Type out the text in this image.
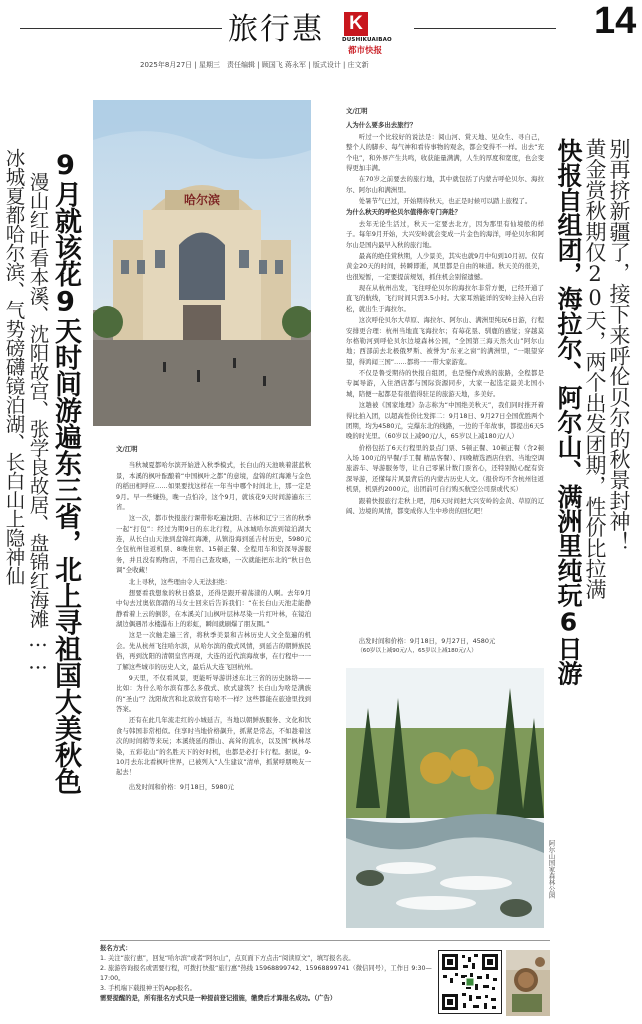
旅行惠 K
DUSHIKUAIBAO
都市快报
14
2025年8月27日 | 星期三　责任编辑 | 顾国飞 蒋永军 | 版式设计 | 庄文新
9月就该花9天时间游遍东三省，北上寻祖国大美秋色
漫山红叶看本溪、沈阳故宫、张学良故居、盘锦红海滩……
冰城夏都哈尔滨、气势磅礴镜泊湖、长白山上隐神仙	哈尔滨

文/江明

当秋城夏都哈尔滨开始进入秋季模式，长白山的天池映着湛蓝秋景，本溪的枫叶酝酿着“中国枫叶之都”的意境，盘锦的红海滩与金色的稻田相呼应……如果要找这样在一年当中哪个时间北上，那一定是9月。早一些嫌热，晚一点怕冷，这个9月，就该花9天时间游遍东三省。

这一次，都市快报旅行课带你吃遍沈阳、吉林和辽宁三省的秋季一起“打包”：经过为期9日的东北行程，从冰城哈尔滨到镜泊湖大连，从长白山天池到盘锦红海滩，从镇沿海到延吉村历史，5980元全包杭州往返机票、8晚住宿、15顿正餐、全程用车和资深导游服务，并且没有购物店，不用自己查攻略，一次就能把东北的“秋日色调”全收藏！

北上寻秋，这些理由令人无法拒绝：

想要看我想象的秋日盛景，还得是跟开着荡漾的人啊。去年9月中旬去过奥依郎踏的马女士回来后告诉我们：“在长白山天池走能静静看着上云的倒影，在本溪关门山枫叶层林尽染一片红叶林，在镜泊湖边偶遇吊水楼瀑布上的彩虹，瞬间就刷爆了朋友圈。”

这是一次触走遍三省，将秋季美景和吉林历史人文全览遍的机会。先从杭州飞往哈尔滨，从哈尔滨的俄式风情，到延吉的朝鲜族民俗，再到沈阳的清朝皇宫再现，大连的近代滨海故事，在行程中一一了解这些城市的历史人文，最后从大连飞回杭州。

9天里，不仅看风景，更能听导游讲述东北三省的历史脉络——比如：为什么哈尔滨有那么多俄式、欧式建筑？长白山为啥是满族的“圣山”？沈阳故宫和北京故宫有啥不一样？这些都能在旅途里找到答案。

还有在此几年流走红的小城延吉，当地以朝鲜族服务、文化和饮食与韩国非常相似。住享时当地价格飙升，抓紧是常态，不如趁着这次的时间稍等来玩；本溪绕延的群山、高耸的流水，以及国“枫林尽染，五彩花山”的名胜天下的好时机，也都是必打卡行程。据说，9-10月去东北看枫叶世界，已被列入“人生建议”清单，抓紧呼朋唤友一起去！

出发时间和价格：9月18日，5980元

别再挤新疆了，接下来呼伦贝尔的秋景封神！
黄金赏秋期仅20天，两个出发团期，性价比拉满
快报自组团，海拉尔、阿尔山、满洲里纯玩6日游

文/江明

人为什么要多出去旅行？

听过一个比较好的说法是：阅山河、赏天地、见众生、寻自己，整个人的脚步、每气神和看待事物的观念，都会变得不一样。出去“充个电”，和外界产生共鸣，收获能量满满，人生的厚度和宽度，也会变得更加丰满。

在70岁之前要去的旅行地，其中就包括了内蒙古呼伦贝尔、海拉尔、阿尔山和满洲里。

处暑节气已过，开始期待秋天，也正是时候可以踏上旅程了。

为什么秋天的呼伦贝尔值得你专门奔赴？

去年无论生活过，秋天一定要去北方，因为那里有仙境般的样子。每年9月开始，大兴安岭就会变成一片金色的海洋，呼伦贝尔和阿尔山是国内最早入秋的旅行地。

最高的绝佳赏秋期，人少景美，其实也就9月中旬到10月初。仅有黄金20天的时间，转瞬即逝，风里都是自由的味道。秋天美的很美，也很短暂，一定要提前规划，抓住机会别留遗憾。

现在从杭州出发，飞往呼伦贝尔的海拉尔非常方便，已经开通了直飞的航线，飞行时间只需3.5小时。大家耳熟能详的安岭主持入白岩松，就出生于海拉尔。

这次呼伦贝尔大草原、海拉尔、阿尔山、满洲里纯玩6日游，行程安排更合理：杭州当地直飞海拉尔；有莓花垦、驯鹿的感觉；穿越莫尔格勒河到呼伦贝尔边境森林公园，“全国第三海天然火山”阿尔山地；西部前去北极俄罗斯、被誉为“东亚之窗”的满洲里，“一眼望穿望，得鸿闻三国”……都将一一带大家游览。

不仅是鲁受期待的快报自组团，也是慢作成熟的旅路，全程都是专属导游，入住酒店都与国际资源同步，大家一起选定最美北国小城，陪便一起都是有很值得驻足的旅游天地，多美好。

这趟被《国家地理》杂志称为“中国绝美秋天”，我们同时推开着得比拍入团，以超高性价比发挥二：9月18日、9月27日全国优胜两个团期，均为4580元，完爆东北的线路，一边的千年故事，都提出6天5晚的时光里。（60岁以上减90元/人，65岁以上减180元/人）

价格包括了6天行程里的景点门票、5顿正餐、10顿正餐（含2顿入场 100元的早餐/手工餐 精品客餐）、四晚精选酒店住宿、当地空调旅游车、导游服务等，让自己零累计数门票省心，还特别贴心配有资深导游，还懂每片风景背后的内蒙古历史人文。（报价均不含杭州往返机票，机票约2000元，出团前可自行购买航空公司票或代买）

跟着快报旅行走秋上吧，用6天时间把大兴安岭的金黄、草原的辽阔、边境的风情，都变成你人生中珍贵的回忆吧！

出发时间和价格：9月18日，9月27日，4580元

（60岁以上减90元/人，65岁以上减180元/人）

阿尔山国家森林公园
报名方式：
1. 关注“旅行惠”，回复“哈尔滨”或者“阿尔山”，点页面下方点击“阅读原文”，填写报名表。
2. 旅游咨询报名或需要行程，可拨打快报“旅行惠”热线 15968899742、15968899741（微信同号），工作日 9:30—17:00。
3. 手机端下载报神王钓App报名。
需要提醒的是，所有报名方式只是一种提前登记措施，缴费后才算报名成功。（广告）
